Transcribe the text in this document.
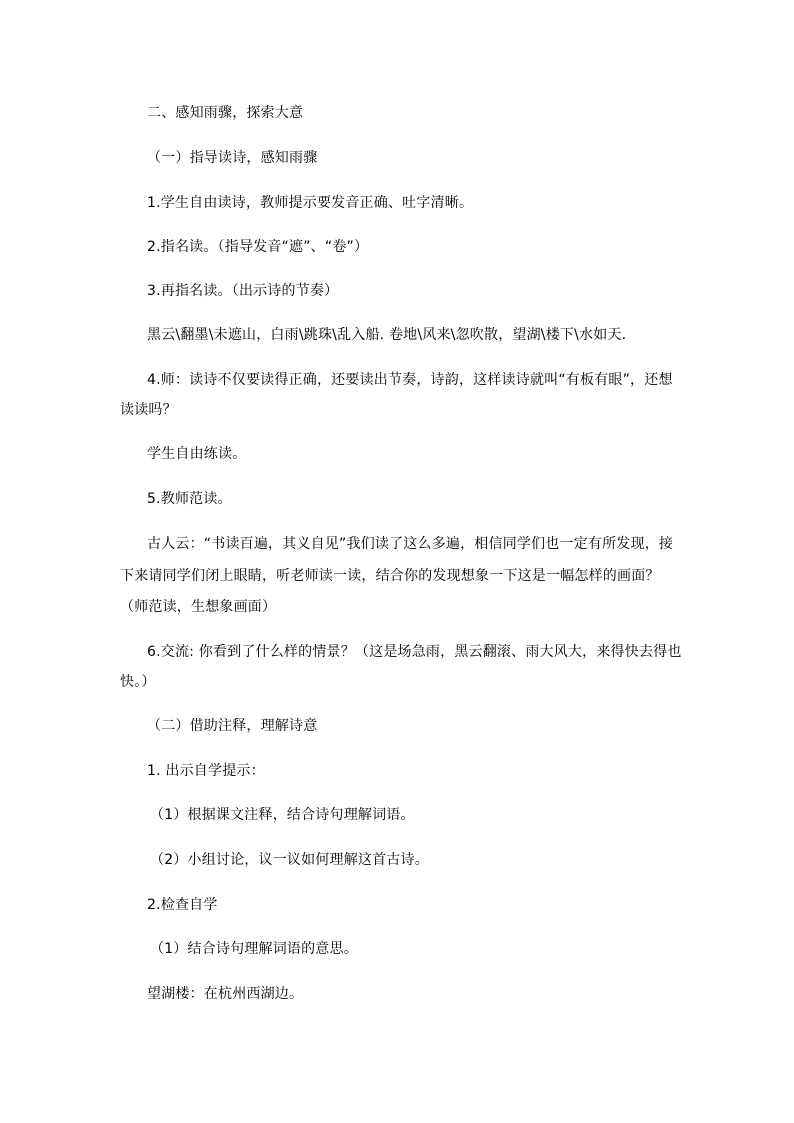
二、感知雨骤，探索大意
（一）指导读诗，感知雨骤
1.学生自由读诗，教师提示要发音正确、吐字清晰。
2.指名读。（指导发音“遮”、“卷”）
3.再指名读。（出示诗的节奏）
黑云\翻墨\未遮山，白雨\跳珠\乱入船. 卷地\风来\忽吹散，望湖\楼下\水如天.
4.师：读诗不仅要读得正确，还要读出节奏，诗韵，这样读诗就叫“有板有眼”，还想
读读吗？
学生自由练读。
5.教师范读。
古人云：“书读百遍，其义自见”我们读了这么多遍，相信同学们也一定有所发现，接
下来请同学们闭上眼睛，听老师读一读，结合你的发现想象一下这是一幅怎样的画面？
（师范读，生想象画面）
6.交流: 你看到了什么样的情景？（这是场急雨，黑云翻滚、雨大风大，来得快去得也
快。）
（二）借助注释，理解诗意
1. 出示自学提示：
（1）根据课文注释，结合诗句理解词语。
（2）小组讨论，议一议如何理解这首古诗。
2.检查自学
（1）结合诗句理解词语的意思。
望湖楼：在杭州西湖边。
